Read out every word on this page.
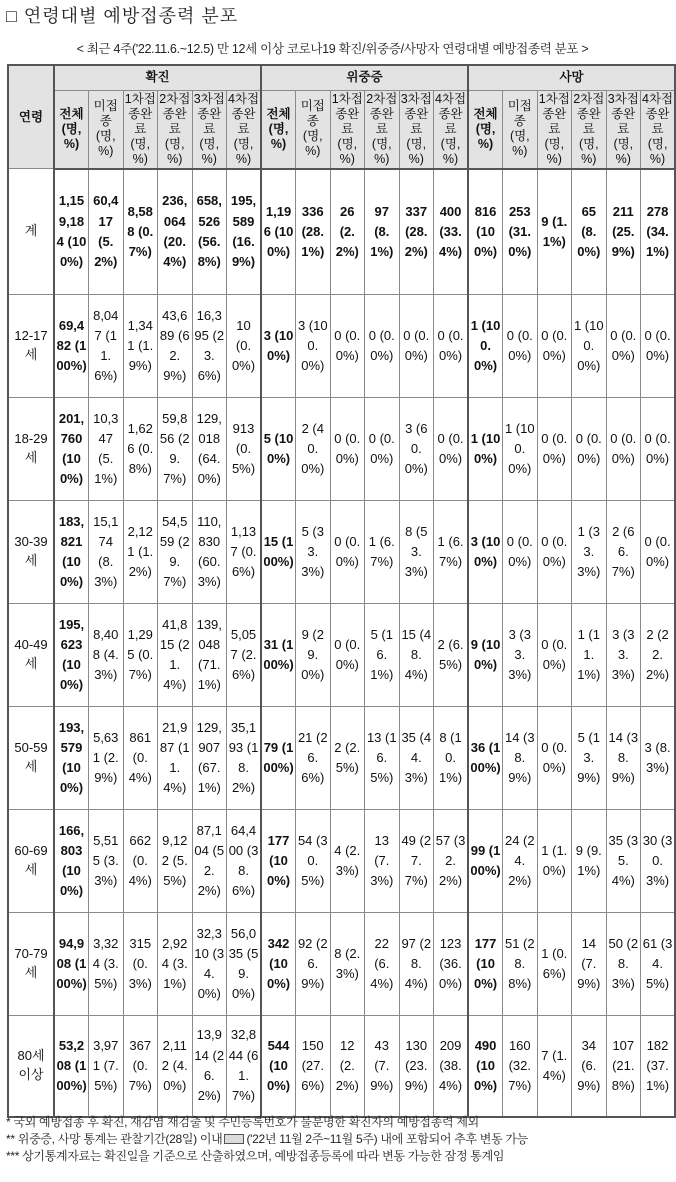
□ 연령대별 예방접종력 분포
< 최근 4주('22.11.6.~12.5) 만 12세 이상 코로나19 확진/위중증/사망자 연령대별 예방접종력 분포 >
연령	확진						위중증						사망					
	전체 (명, %)	미접종 (명, %)	1차접종완료 (명, %)	2차접종완료 (명, %)	3차접종완료 (명, %)	4차접종완료 (명, %)	전체 (명, %)	미접종 (명, %)	1차접종완료 (명, %)	2차접종완료 (명, %)	3차접종완료 (명, %)	4차접종완료 (명, %)	전체 (명, %)	미접종 (명, %)	1차접종완료 (명, %)	2차접종완료 (명, %)	3차접종완료 (명, %)	4차접종완료 (명, %)
계	1,159,184 (100%)	60,417 (5.2%)	8,588 (0.7%)	236,064 (20.4%)	658,526 (56.8%)	195,589 (16.9%)	1,196 (100%)	336 (28.1%)	26 (2.2%)	97 (8.1%)	337 (28.2%)	400 (33.4%)	816 (100%)	253 (31.0%)	9 (1.1%)	65 (8.0%)	211 (25.9%)	278 (34.1%)
12-17세	69,482 (100%)	8,047 (11.6%)	1,341 (1.9%)	43,689 (62.9%)	16,395 (23.6%)	10 (0.0%)	3 (100%)	3 (100.0%)	0 (0.0%)	0 (0.0%)	0 (0.0%)	0 (0.0%)	1 (100.0%)	0 (0.0%)	0 (0.0%)	1 (100.0%)	0 (0.0%)	0 (0.0%)
18-29세	201,760 (100%)	10,347 (5.1%)	1,626 (0.8%)	59,856 (29.7%)	129,018 (64.0%)	913 (0.5%)	5 (100%)	2 (40.0%)	0 (0.0%)	0 (0.0%)	3 (60.0%)	0 (0.0%)	1 (100%)	1 (100.0%)	0 (0.0%)	0 (0.0%)	0 (0.0%)	0 (0.0%)
30-39세	183,821 (100%)	15,174 (8.3%)	2,121 (1.2%)	54,559 (29.7%)	110,830 (60.3%)	1,137 (0.6%)	15 (100%)	5 (33.3%)	0 (0.0%)	1 (6.7%)	8 (53.3%)	1 (6.7%)	3 (100%)	0 (0.0%)	0 (0.0%)	1 (33.3%)	2 (66.7%)	0 (0.0%)
40-49세	195,623 (100%)	8,408 (4.3%)	1,295 (0.7%)	41,815 (21.4%)	139,048 (71.1%)	5,057 (2.6%)	31 (100%)	9 (29.0%)	0 (0.0%)	5 (16.1%)	15 (48.4%)	2 (6.5%)	9 (100%)	3 (33.3%)	0 (0.0%)	1 (11.1%)	3 (33.3%)	2 (22.2%)
50-59세	193,579 (100%)	5,631 (2.9%)	861 (0.4%)	21,987 (11.4%)	129,907 (67.1%)	35,193 (18.2%)	79 (100%)	21 (26.6%)	2 (2.5%)	13 (16.5%)	35 (44.3%)	8 (10.1%)	36 (100%)	14 (38.9%)	0 (0.0%)	5 (13.9%)	14 (38.9%)	3 (8.3%)
60-69세	166,803 (100%)	5,515 (3.3%)	662 (0.4%)	9,122 (5.5%)	87,104 (52.2%)	64,400 (38.6%)	177 (100%)	54 (30.5%)	4 (2.3%)	13 (7.3%)	49 (27.7%)	57 (32.2%)	99 (100%)	24 (24.2%)	1 (1.0%)	9 (9.1%)	35 (35.4%)	30 (30.3%)
70-79세	94,908 (100%)	3,324 (3.5%)	315 (0.3%)	2,924 (3.1%)	32,310 (34.0%)	56,035 (59.0%)	342 (100%)	92 (26.9%)	8 (2.3%)	22 (6.4%)	97 (28.4%)	123 (36.0%)	177 (100%)	51 (28.8%)	1 (0.6%)	14 (7.9%)	50 (28.3%)	61 (34.5%)
80세 이상	53,208 (100%)	3,971 (7.5%)	367 (0.7%)	2,112 (4.0%)	13,914 (26.2%)	32,844 (61.7%)	544 (100%)	150 (27.6%)	12 (2.2%)	43 (7.9%)	130 (23.9%)	209 (38.4%)	490 (100%)	160 (32.7%)	7 (1.4%)	34 (6.9%)	107 (21.8%)	182 (37.1%)
* 국외 예방접종 후 확진, 재감염 재검출 및 주민등록번호가 불분명한 확진자의 예방접종력 제외
** 위중증, 사망 통계는 관찰기간(28일) 이내 ('22년 11월 2주~11월 5주) 내에 포함되어 추후 변동 가능
*** 상기통계자료는 확진일을 기준으로 산출하였으며, 예방접종등록에 따라 변동 가능한 잠정 통계임
